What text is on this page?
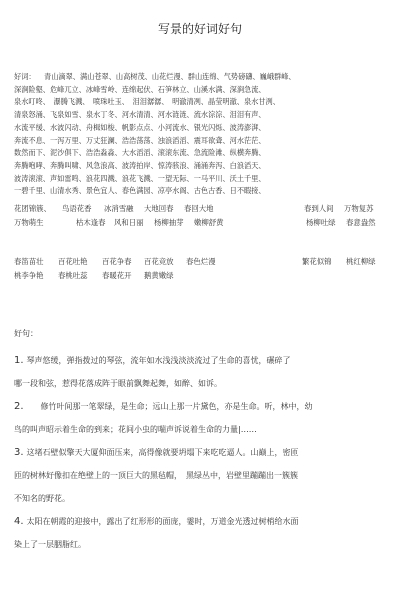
写景的好词好句
好词： 青山滴翠、满山苍翠、山高树茂、山花烂漫、群山连绵、气势磅礴、巍峨群峰、
深涧险壑、危峰兀立、冰峰雪岭、连绵起伏、石笋林立、山溪水满、深涧急流、
泉水叮咚、　瀑腾飞溅、　喷珠吐玉、　泪泪潺潺、　明澈清冽、晶莹明澈、泉水甘洌、
清泉怒涌、飞泉如雪、泉水丁冬、河水清清、河水涟涟、流水淙淙、泪泪有声、
水流平缓、水波闪动、舟楫如梭、帆影点点、小河流水、银光闪烁、波涛澎湃、
奔流不息、一泻万里、万丈狂澜、浩浩荡荡、浊浪滔滔、震耳欲聋、河水茫茫、
数然而下、泥沙俱下、浩浩淼淼、大水滔滔、滚滚东流、急流险滩、纵横奔腾、
奔腾咆哮、奔腾叫啸、风急浪高、波涛拍岸、惊涛骇浪、涌涌奔泻、白浪滔天、
波涛滚滚、声如雷鸣、浪花四溅、浪花飞溅、一望无际、一马平川、沃土千里、
一碧千里、山清水秀、景色宜人、春色满园、凉亭水阁、古色古香、日不暇接、
花团锦簇、 鸟语花香 冰消雪融 大地回春 春回大地	春到人间 万物复苏
万物萌生	枯木逢春 风和日丽 杨柳抽芽 嫩柳舒黄	杨柳吐绿 春意盎然
春笛苗壮 百花吐艳 百花争春 百花竞放 春色烂漫	繁花似锦 桃红柳绿
桃李争艳 春桃吐蕊 春暖花开 鹅黄嫩绿
好句：
1. 琴声悠缓，弹指拨过的琴弦，流年如水浅浅淡淡流过了生命的喜忧，碾碎了
哪一段和弦，惹得花落成阵于眼前飘舞起舞，如醉、如诉。
2. 修竹叶间那一笔翠绿，是生命；远山上那一片黛色，亦是生命。听，林中，幼
鸟的叫声昭示着生命的到来；花间小虫的喘声诉说着生命的力量|……
3. 这堵石壁似擎天大厦仰面压来，高得像就要坍塌下来吃吃逼人。山巅上，密匝
匝的树林好像扣在绝壁上的一顶巨大的黑毡帽，　黑绿丛中，岩壁里蹦蹦出一簇簇
不知名的野花。
4. 太阳在朝霞的迎接中，露出了红形形的面庞，霎时，万道金光透过树梢给水面
染上了一层胭脂红。
